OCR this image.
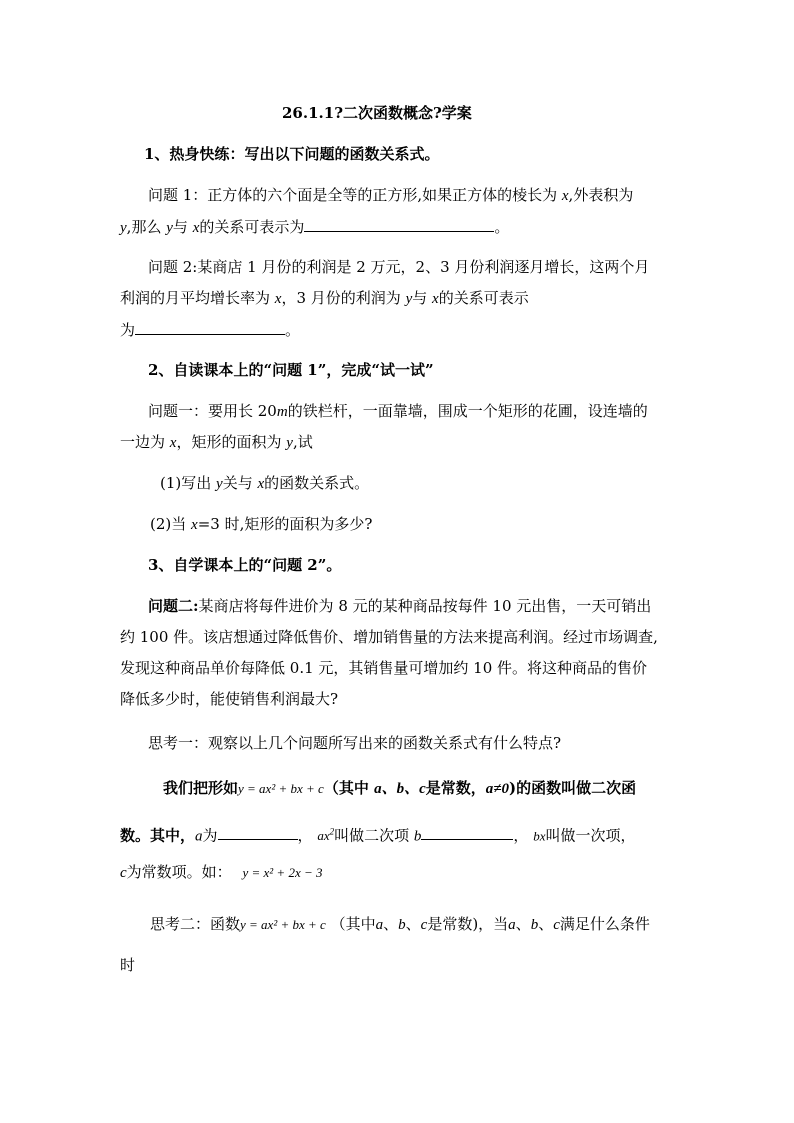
26.1.1?二次函数概念?学案
1、热身快练：写出以下问题的函数关系式。
问题 1：正方体的六个面是全等的正方形,如果正方体的棱长为 x,外表积为
y,那么 y与 x的关系可表示为	。
问题 2:某商店 1 月份的利润是 2 万元，2、3 月份利润逐月增长，这两个月
利润的月平均增长率为 x，3 月份的利润为 y与 x的关系可表示
为	。
2、自读课本上的“问题 1”，完成“试一试”
问题一：要用长 20m的铁栏杆，一面靠墙，围成一个矩形的花圃，设连墙的
一边为 x，矩形的面积为 y,试
(1)写出 y关与 x的函数关系式。
(2)当 x=3 时,矩形的面积为多少?
3、自学课本上的“问题 2”。
问题二:某商店将每件进价为 8 元的某种商品按每件 10 元出售，一天可销出
约 100 件。该店想通过降低售价、增加销售量的方法来提高利润。经过市场调查,
发现这种商品单价每降低 0.1 元，其销售量可增加约 10 件。将这种商品的售价
降低多少时，能使销售利润最大?
思考一：观察以上几个问题所写出来的函数关系式有什么特点?
我们把形如y = ax² + bx + c（其中 a、b、c是常数，a≠0)的函数叫做二次函
数。其中，a为	， $ax^2$叫做二次项 b	， bx叫做一次项，
c为常数项。如： y = x² + 2x − 3
思考二：函数y = ax² + bx + c （其中a、b、c是常数)，当a、b、c满足什么条件
时
